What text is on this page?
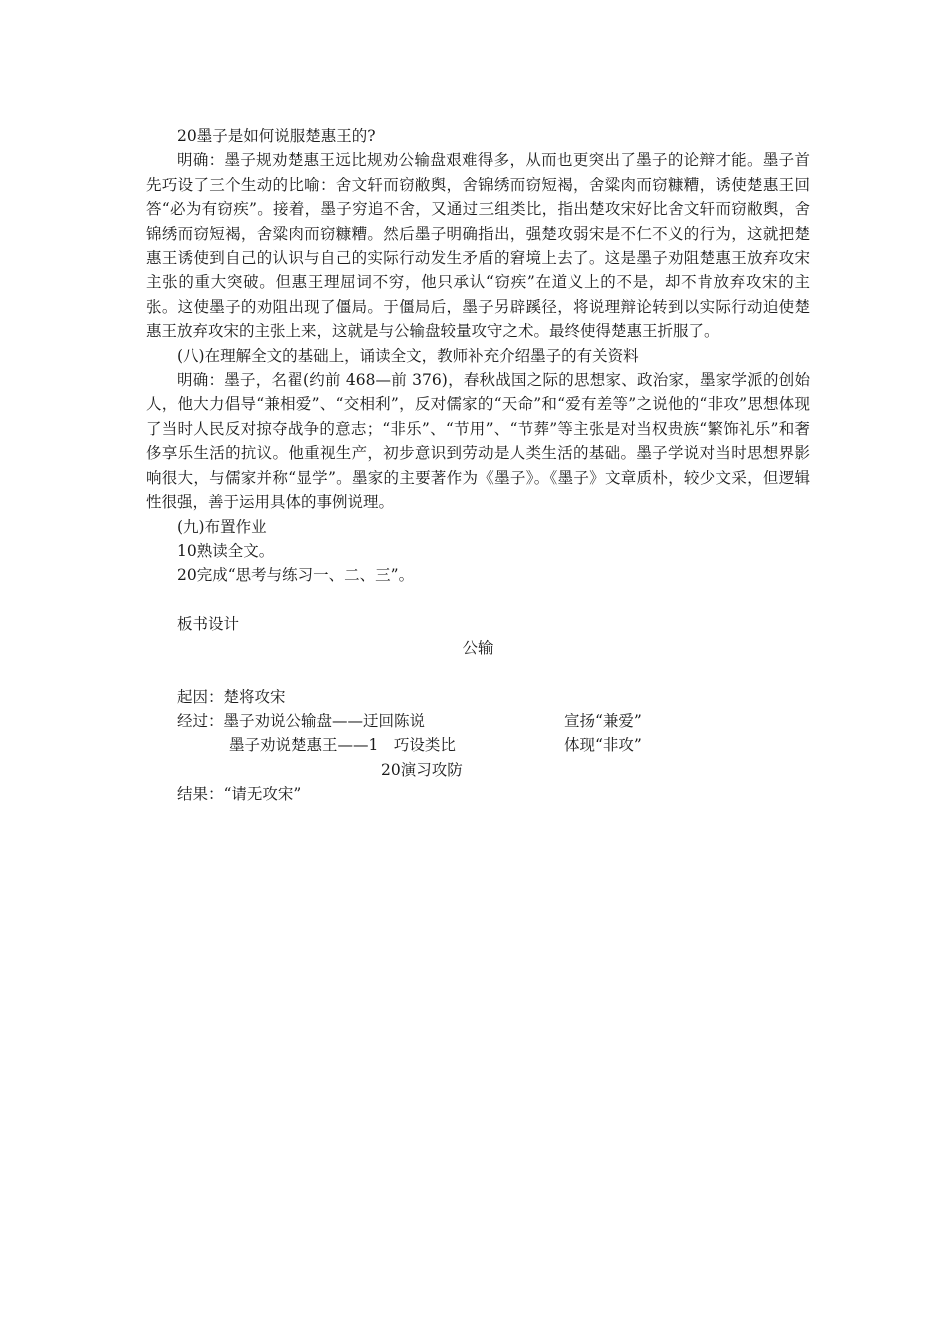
20墨子是如何说服楚惠王的?

明确：墨子规劝楚惠王远比规劝公输盘艰难得多，从而也更突出了墨子的论辩才能。墨子首先巧设了三个生动的比喻：舍文轩而窃敝舆，舍锦绣而窃短褐，舍粱肉而窃糠糟，诱使楚惠王回答“必为有窃疾”。接着，墨子穷追不舍，又通过三组类比，指出楚攻宋好比舍文轩而窃敝舆，舍锦绣而窃短褐，舍粱肉而窃糠糟。然后墨子明确指出，强楚攻弱宋是不仁不义的行为，这就把楚惠王诱使到自己的认识与自己的实际行动发生矛盾的窘境上去了。这是墨子劝阻楚惠王放弃攻宋主张的重大突破。但惠王理屈词不穷，他只承认“窃疾”在道义上的不是，却不肯放弃攻宋的主张。这使墨子的劝阻出现了僵局。于僵局后，墨子另辟蹊径，将说理辩论转到以实际行动迫使楚惠王放弃攻宋的主张上来，这就是与公输盘较量攻守之术。最终使得楚惠王折服了。

(八)在理解全文的基础上，诵读全文，教师补充介绍墨子的有关资料

明确：墨子，名翟(约前 468—前 376)，春秋战国之际的思想家、政治家，墨家学派的创始人，他大力倡导“兼相爱”、“交相利”，反对儒家的“天命”和“爱有差等”之说他的“非攻”思想体现了当时人民反对掠夺战争的意志；“非乐”、“节用”、“节葬”等主张是对当权贵族“繁饰礼乐”和奢侈享乐生活的抗议。他重视生产，初步意识到劳动是人类生活的基础。墨子学说对当时思想界影响很大，与儒家并称“显学”。墨家的主要著作为《墨子》。《墨子》文章质朴，较少文采，但逻辑性很强，善于运用具体的事例说理。

(九)布置作业

10熟读全文。

20完成“思考与练习一、二、三”。

板书设计

公输

起因：楚将攻宋
经过：墨子劝说公输盘——迂回陈说	宣扬“兼爱”
墨子劝说楚惠王——1　巧设类比	体现“非攻”
20演习攻防
结果：“请无攻宋”
